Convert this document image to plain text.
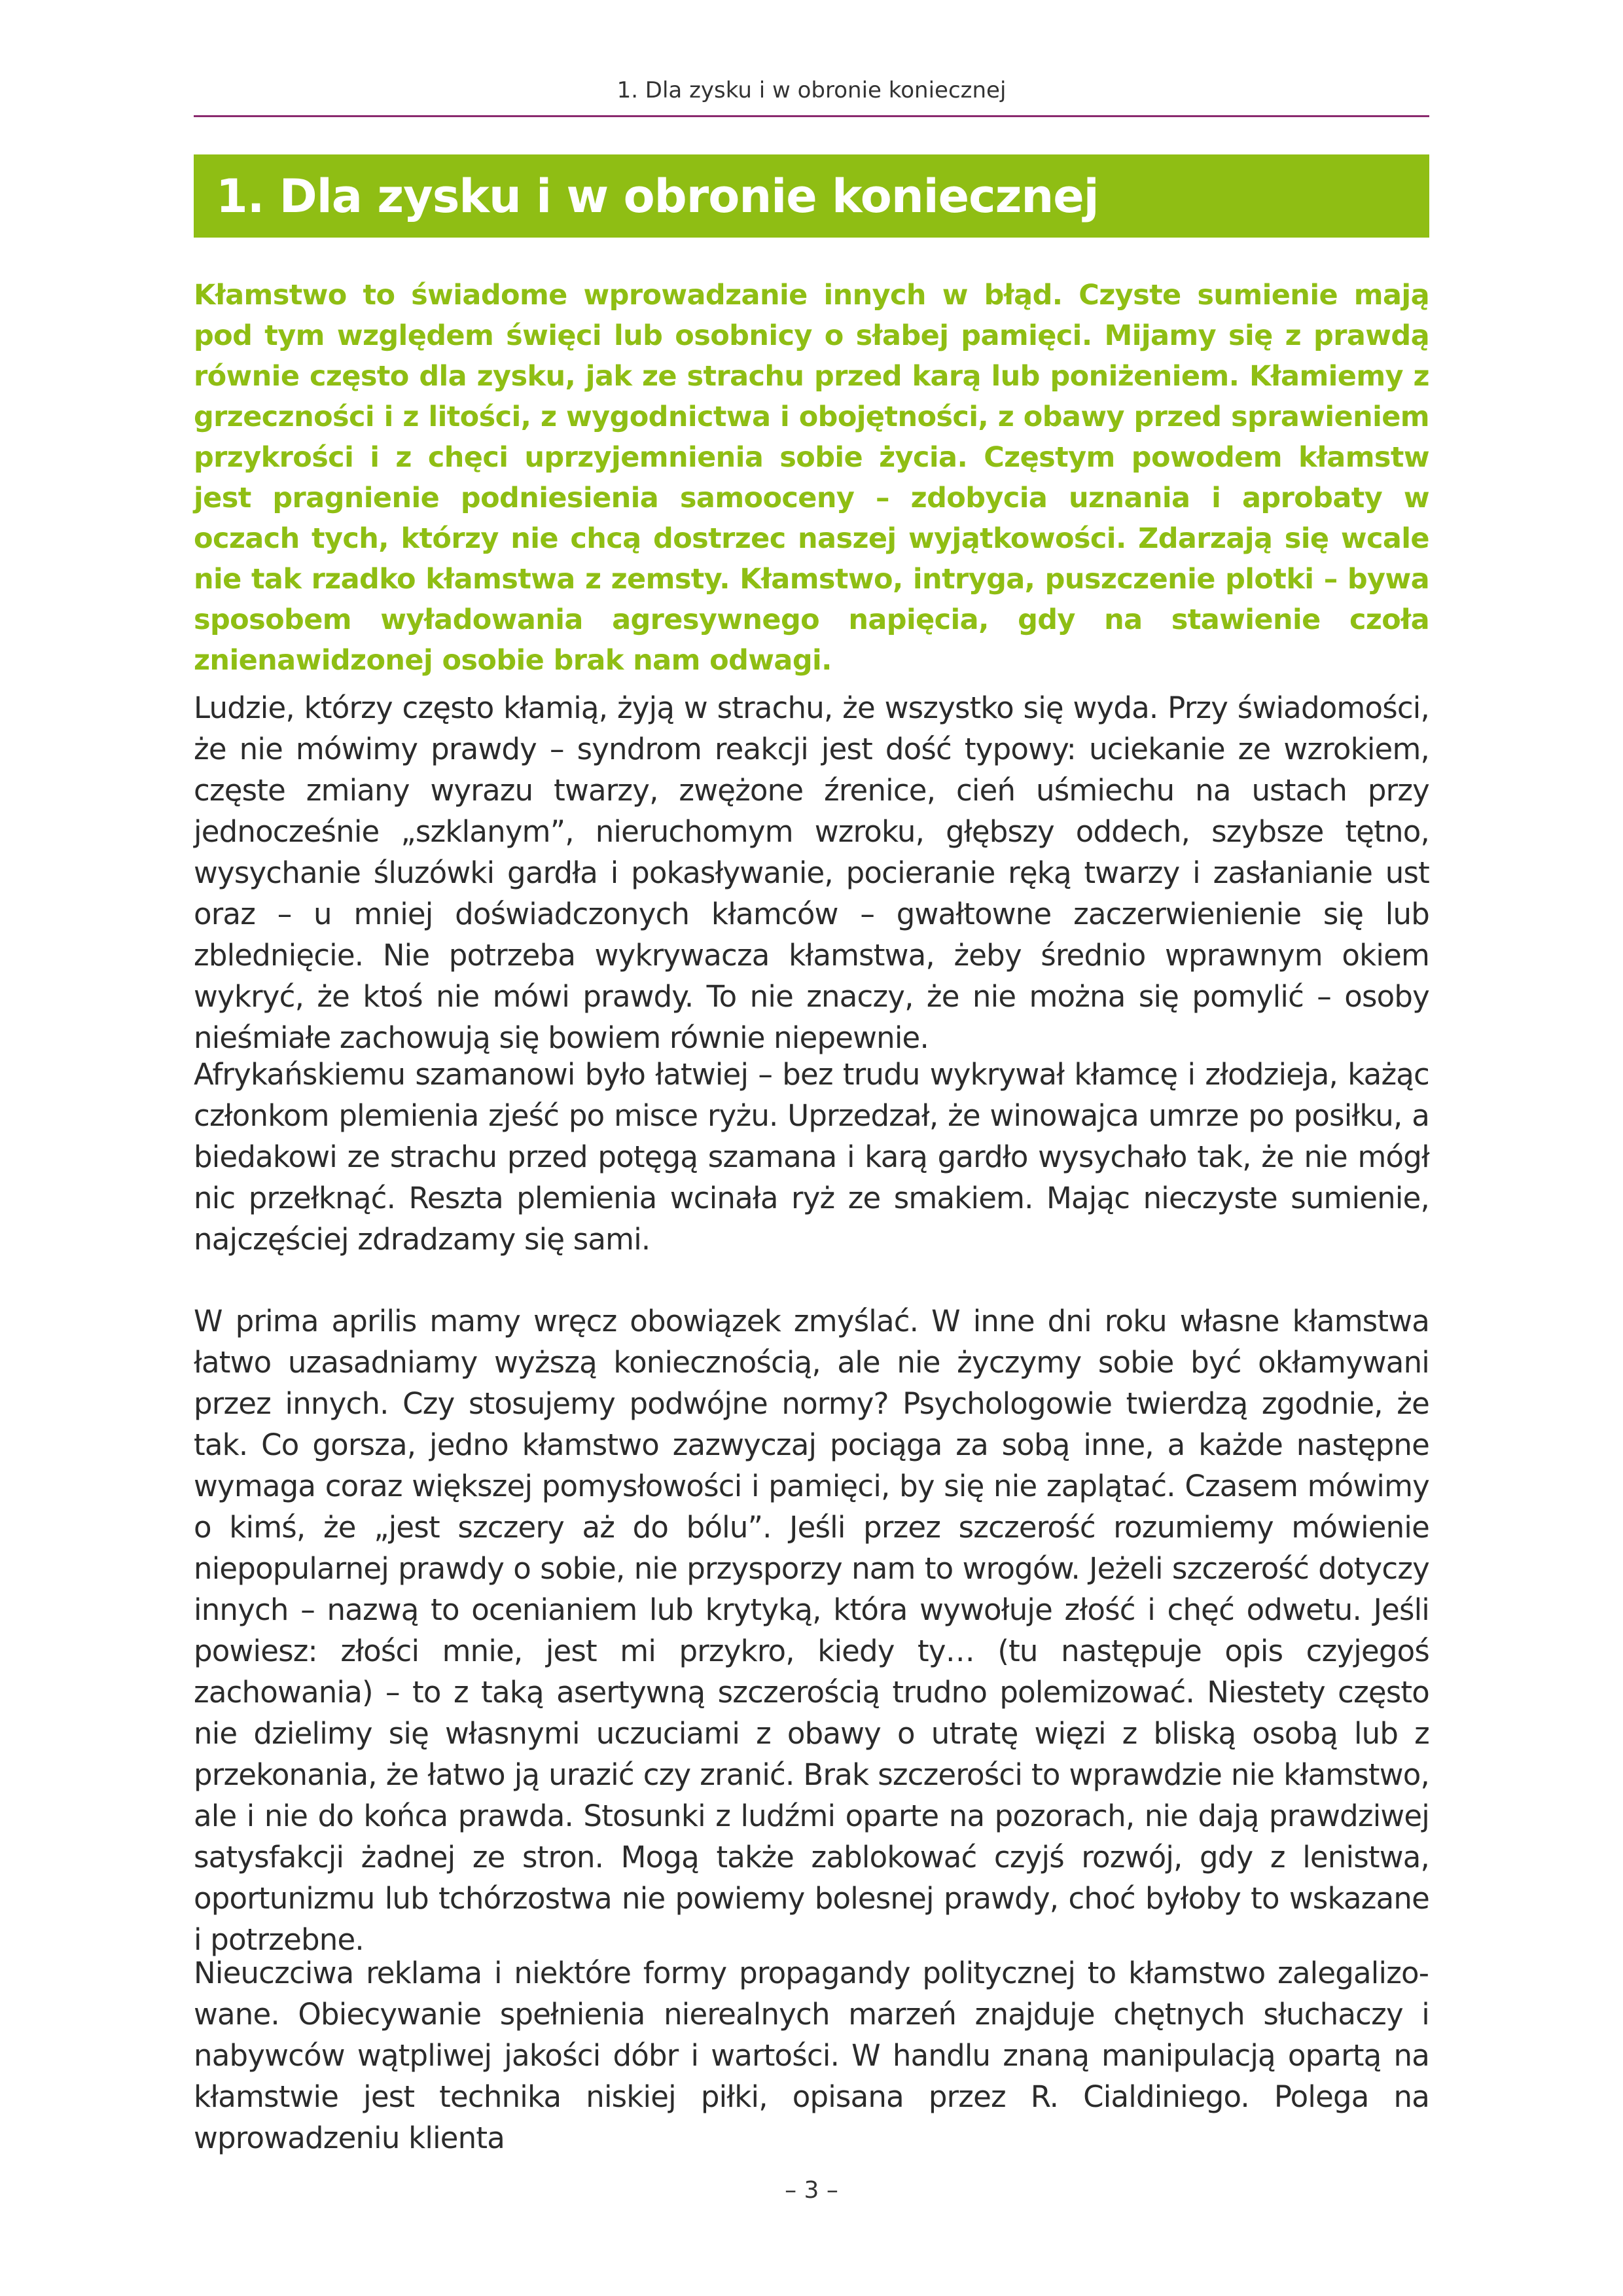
1. Dla zysku i w obronie koniecznej
1. Dla zysku i w obronie koniecznej

Kłamstwo to świadome wprowadzanie innych w błąd. Czyste sumienie mają pod tym względem święci lub osobnicy o słabej pamięci. Mijamy się z prawdą równie często dla zysku, jak ze strachu przed karą lub poniżeniem. Kłamiemy z grzeczności i z litości, z wygodnictwa i obojętności, z obawy przed sprawieniem przykrości i z chęci uprzyjemnienia sobie życia. Częstym powodem kłamstw jest pragnienie podniesienia samooceny – zdobycia uznania i aprobaty w oczach tych, którzy nie chcą dostrzec naszej wyjątkowości. Zdarzają się wcale nie tak rzadko kłamstwa z zemsty. Kłamstwo, intryga, puszczenie plotki – bywa sposobem wyładowania agresywnego napięcia, gdy na stawienie czoła znienawidzonej osobie brak nam odwagi.

Ludzie, którzy często kłamią, żyją w strachu, że wszystko się wyda. Przy świadomości, że nie mówimy prawdy – syndrom reakcji jest dość typowy: uciekanie ze wzrokiem, częste zmiany wyrazu twarzy, zwężone źrenice, cień uśmiechu na ustach przy jednocześnie „szklanym”, nieruchomym wzroku, głębszy oddech, szybsze tętno, wysychanie śluzówki gardła i pokasływanie, pocieranie ręką twarzy i zasłanianie ust oraz – u mniej doświadczonych kłamców – gwałtowne zaczerwienienie się lub zblednięcie. Nie potrzeba wykrywacza kłamstwa, żeby średnio wprawnym okiem wykryć, że ktoś nie mówi prawdy. To nie znaczy, że nie można się pomylić – osoby nieśmiałe zachowują się bowiem równie niepewnie.

Afrykańskiemu szamanowi było łatwiej – bez trudu wykrywał kłamcę i złodzieja, każąc członkom plemienia zjeść po misce ryżu. Uprzedzał, że winowajca umrze po posiłku, a biedakowi ze strachu przed potęgą szamana i karą gardło wysychało tak, że nie mógł nic przełknąć. Reszta plemienia wcinała ryż ze smakiem. Mając nieczyste sumienie, najczęściej zdradzamy się sami.

W prima aprilis mamy wręcz obowiązek zmyślać. W inne dni roku własne kłamstwa łatwo uzasadniamy wyższą koniecznością, ale nie życzymy sobie być okłamywani przez innych. Czy stosujemy podwójne normy? Psychologowie twierdzą zgodnie, że tak. Co gorsza, jedno kłamstwo zazwyczaj pociąga za sobą inne, a każde następne wymaga coraz większej pomysłowości i pamięci, by się nie zaplątać. Czasem mówimy o kimś, że „jest szczery aż do bólu”. Jeśli przez szczerość rozumiemy mówienie niepopularnej prawdy o sobie, nie przysporzy nam to wrogów. Jeżeli szczerość dotyczy innych – nazwą to ocenianiem lub krytyką, która wywołuje złość i chęć odwetu. Jeśli powiesz: złości mnie, jest mi przykro, kiedy ty… (tu następuje opis czyjegoś zachowania) – to z taką asertywną szczerością trudno polemizować. Niestety często nie dzielimy się własnymi uczuciami z obawy o utratę więzi z bliską osobą lub z przekonania, że łatwo ją urazić czy zranić. Brak szczerości to wprawdzie nie kłamstwo, ale i nie do końca prawda. Stosunki z ludźmi oparte na pozorach, nie dają prawdziwej satysfakcji żadnej ze stron. Mogą także zablokować czyjś rozwój, gdy z lenistwa, oportunizmu lub tchórzostwa nie powiemy bolesnej prawdy, choć byłoby to wskazane i potrzebne.

Nieuczciwa reklama i niektóre formy propagandy politycznej to kłamstwo zalegalizowane. Obiecywanie spełnienia nierealnych marzeń znajduje chętnych słuchaczy i nabywców wątpliwej jakości dóbr i wartości. W handlu znaną manipulacją opartą na kłamstwie jest technika niskiej piłki, opisana przez R. Cialdiniego. Polega na wprowadzeniu klienta

– 3 –
